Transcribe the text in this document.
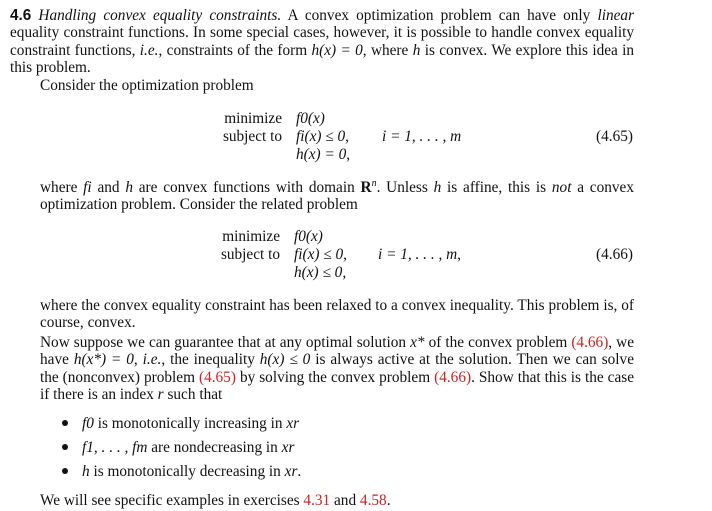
4.6 Handling convex equality constraints. A convex optimization problem can have only linear equality constraint functions. In some special cases, however, it is possible to handle convex equality constraint functions, i.e., constraints of the form h(x) = 0, where h is convex. We explore this idea in this problem.

Consider the optimization problem

minimize
subject to
f0(x)
fi(x) ≤ 0,
h(x) = 0,
i = 1, . . . , m	(4.65)

where fi and h are convex functions with domain $R^n$. Unless h is affine, this is not a convex optimization problem. Consider the related problem

minimize
subject to
f0(x)
fi(x) ≤ 0,
h(x) ≤ 0,
i = 1, . . . , m,	(4.66)

where the convex equality constraint has been relaxed to a convex inequality. This problem is, of course, convex.

Now suppose we can guarantee that at any optimal solution x* of the convex problem (4.66), we have h(x*) = 0, i.e., the inequality h(x) ≤ 0 is always active at the solution. Then we can solve the (nonconvex) problem (4.65) by solving the convex problem (4.66). Show that this is the case if there is an index r such that

f0 is monotonically increasing in xr
f1, . . . , fm are nondecreasing in xr
h is monotonically decreasing in xr.

We will see specific examples in exercises 4.31 and 4.58.
